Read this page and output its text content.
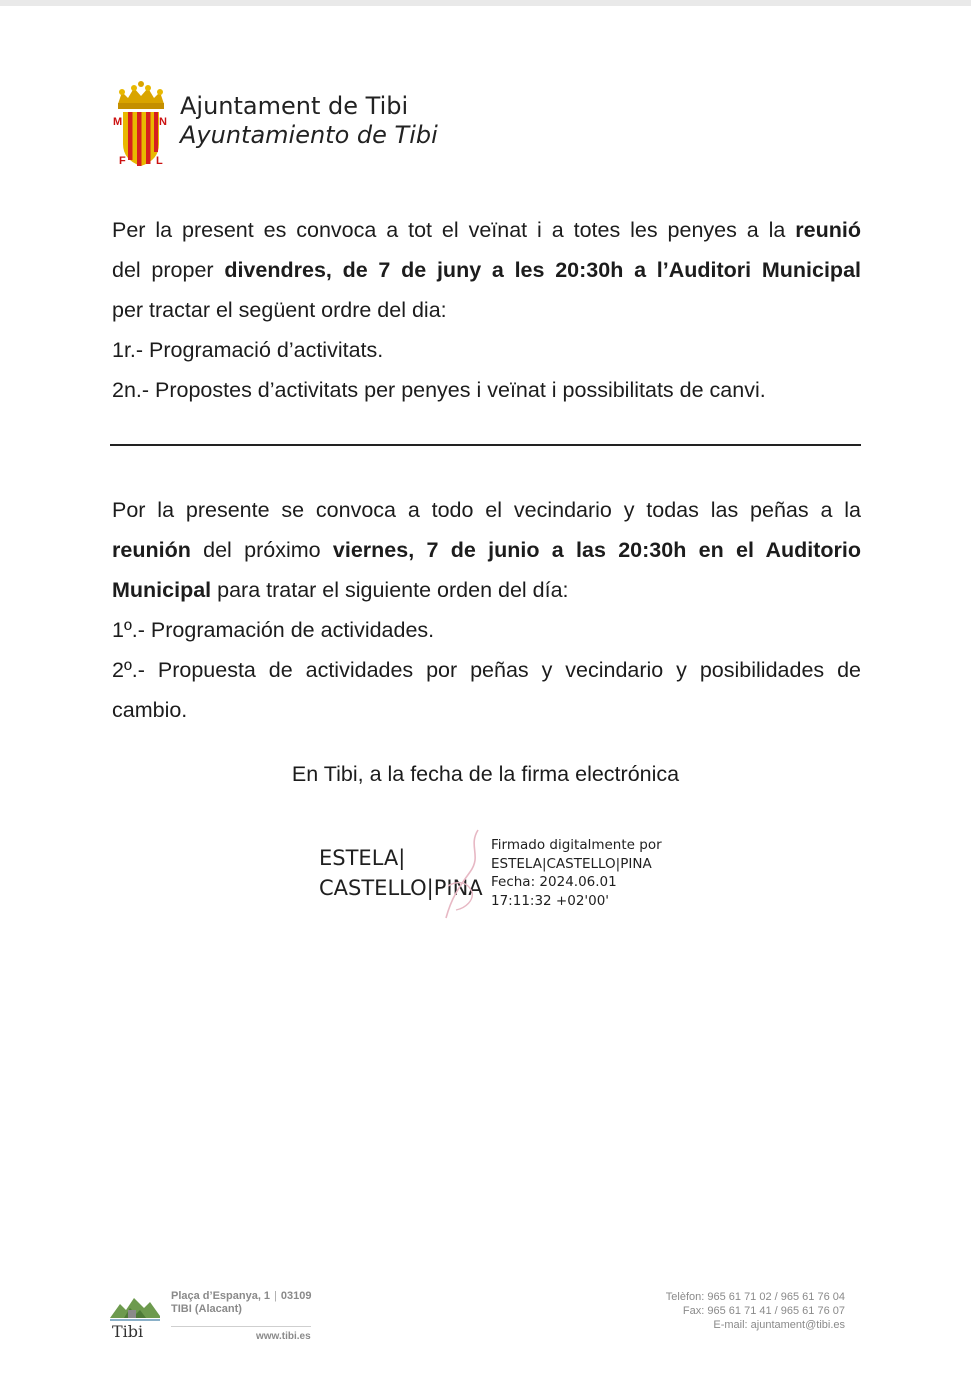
M	N
F	L
Ajuntament de Tibi
Ayuntamiento de Tibi

Per la present es convoca a tot el veïnat i a totes les penyes a la reunió

del proper divendres, de 7 de juny a les 20:30h a l’Auditori Municipal

per tractar el següent ordre del dia:

1r.- Programació d’activitats.

2n.- Propostes d’activitats per penyes i veïnat i possibilitats de canvi.

Por la presente se convoca a todo el vecindario y todas las peñas a la

reunión del próximo viernes, 7 de junio a las 20:30h en el Auditorio

Municipal para tratar el siguiente orden del día:

1º.- Programación de actividades.

2º.- Propuesta de actividades por peñas y vecindario y posibilidades de

cambio.

En Tibi, a la fecha de la firma electrónica
ESTELA|
CASTELLO|PINA
Firmado digitalmente por
ESTELA|CASTELLO|PINA
Fecha: 2024.06.01
17:11:32 +02'00'
Tibi
Plaça d’Espanya, 1 | 03109
TIBI (Alacant)
www.tibi.es
Telèfon: 965 61 71 02 / 965 61 76 04
Fax: 965 61 71 41 / 965 61 76 07
E-mail: ajuntament@tibi.es
